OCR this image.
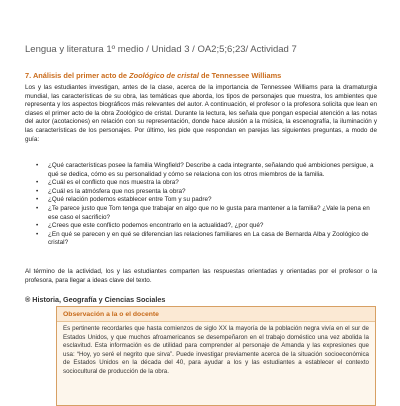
Lengua y literatura 1º medio / Unidad 3 / OA2;5;6;23/ Actividad 7
7. Análisis del primer acto de Zoológico de cristal de Tennessee Williams
Los y las estudiantes investigan, antes de la clase, acerca de la importancia de Tennessee Williams para la dramaturgia mundial, las características de su obra, las temáticas que aborda, los tipos de personajes que muestra, los ambientes que representa y los aspectos biográficos más relevantes del autor. A continuación, el profesor o la profesora solicita que lean en clases el primer acto de la obra Zoológico de cristal. Durante la lectura, les señala que pongan especial atención a las notas del autor (acotaciones) en relación con su representación, donde hace alusión a la música, la escenografía, la iluminación y las características de los personajes. Por último, les pide que respondan en parejas las siguientes preguntas, a modo de guía:
• ¿Qué características posee la familia Wingfield? Describe a cada integrante, señalando qué ambiciones persigue, a qué se dedica, cómo es su personalidad y cómo se relaciona con los otros miembros de la familia.
• ¿Cuál es el conflicto que nos muestra la obra?
• ¿Cuál es la atmósfera que nos presenta la obra?
• ¿Qué relación podemos establecer entre Tom y su padre?
• ¿Te parece justo que Tom tenga que trabajar en algo que no le gusta para mantener a la familia? ¿Vale la pena en ese caso el sacrificio?
• ¿Crees que este conflicto podemos encontrarlo en la actualidad?, ¿por qué?
• ¿En qué se parecen y en qué se diferencian las relaciones familiares en La casa de Bernarda Alba y Zoológico de cristal?
Al término de la actividad, los y las estudiantes comparten las respuestas orientadas y orientadas por el profesor o la profesora, para llegar a ideas clave del texto.
® Historia, Geografía y Ciencias Sociales
Observación a la o el docente
Es pertinente recordarles que hasta comienzos de siglo XX la mayoría de la población negra vivía en el sur de Estados Unidos, y que muchos afroamericanos se desempeñaron en el trabajo doméstico una vez abolida la esclavitud. Esta información es de utilidad para comprender al personaje de Amanda y las expresiones que usa: “Hoy, yo seré el negrito que sirva”. Puede investigar previamente acerca de la situación socioeconómica de Estados Unidos en la década del 40, para ayudar a los y las estudiantes a establecer el contexto sociocultural de producción de la obra.
